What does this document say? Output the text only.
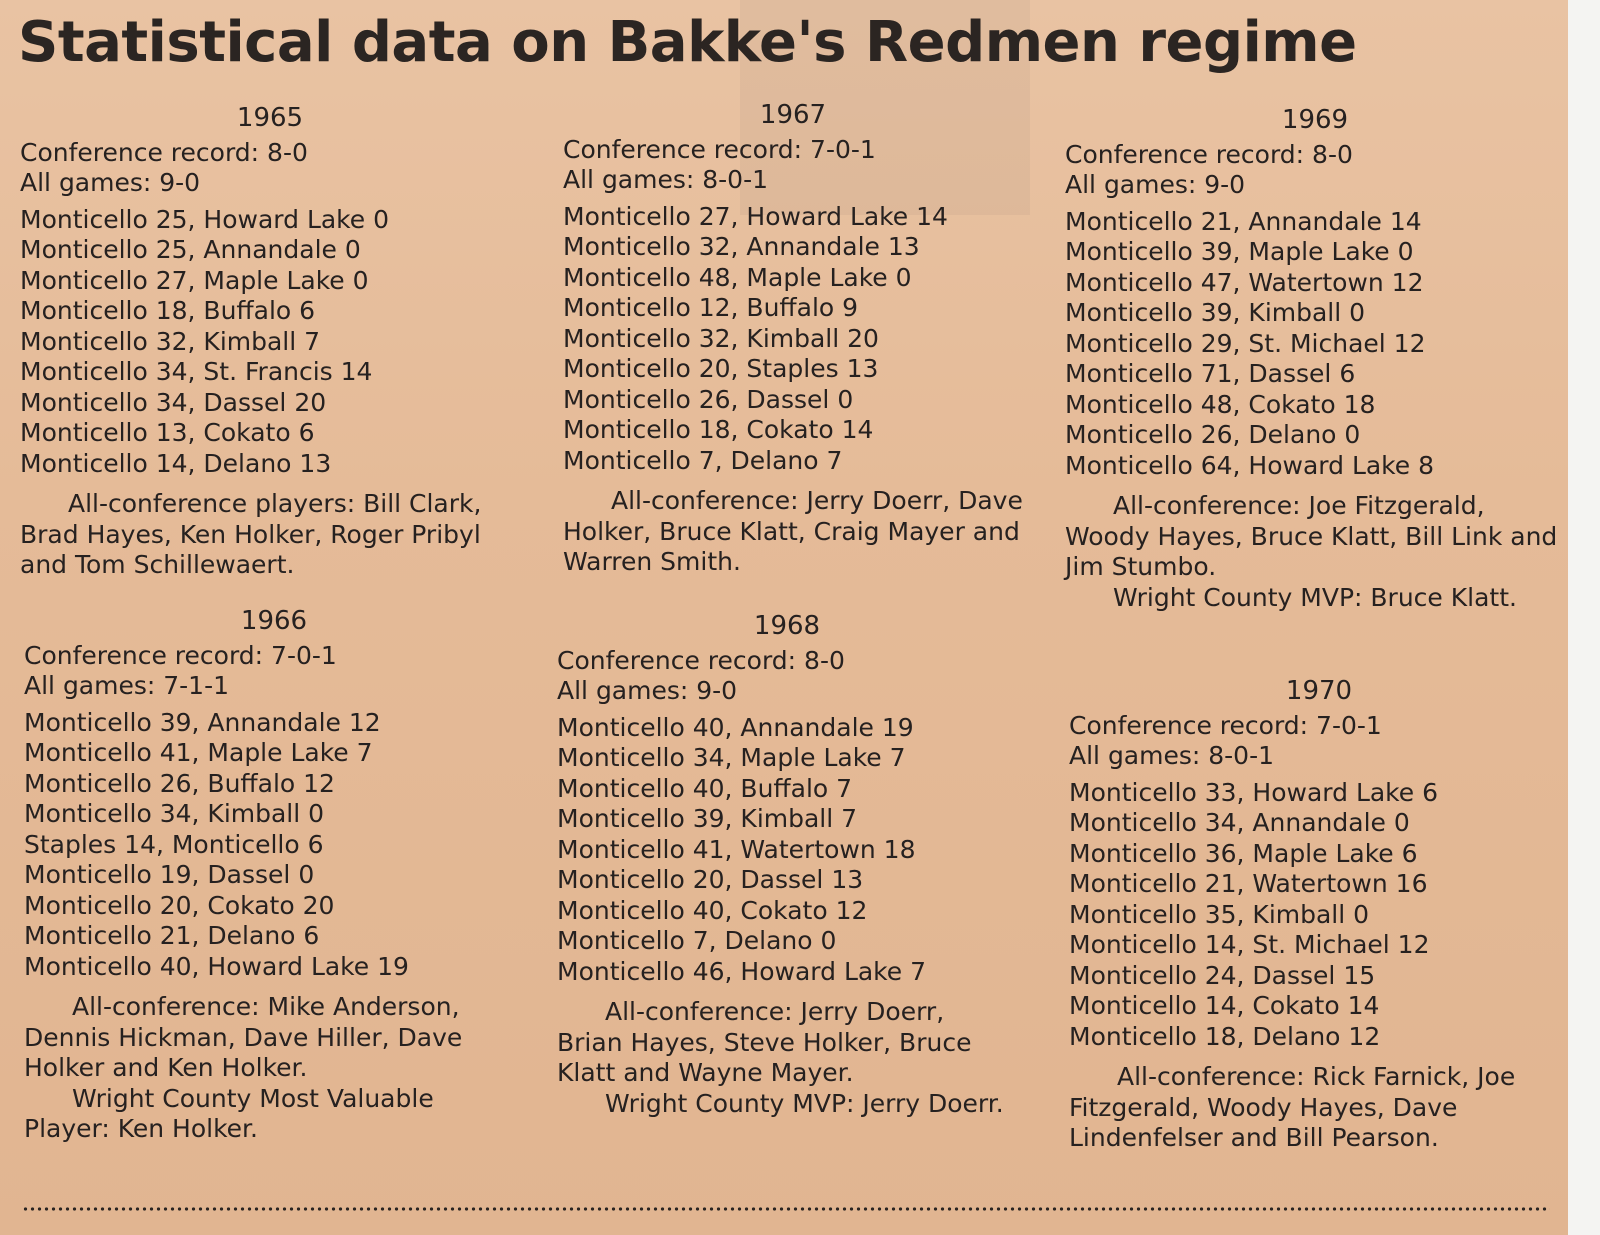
Statistical data on Bakke's Redmen regime
1965
Conference record: 8-0
All games: 9-0
Monticello 25, Howard Lake 0
Monticello 25, Annandale 0
Monticello 27, Maple Lake 0
Monticello 18, Buffalo 6
Monticello 32, Kimball 7
Monticello 34, St. Francis 14
Monticello 34, Dassel 20
Monticello 13, Cokato 6
Monticello 14, Delano 13
All-conference players: Bill Clark, Brad Hayes, Ken Holker, Roger Pribyl and Tom Schillewaert.
1966
Conference record: 7-0-1
All games: 7-1-1
Monticello 39, Annandale 12
Monticello 41, Maple Lake 7
Monticello 26, Buffalo 12
Monticello 34, Kimball 0
Staples 14, Monticello 6
Monticello 19, Dassel 0
Monticello 20, Cokato 20
Monticello 21, Delano 6
Monticello 40, Howard Lake 19
All-conference: Mike Anderson, Dennis Hickman, Dave Hiller, Dave Holker and Ken Holker.
Wright County Most Valuable Player: Ken Holker.
1967
Conference record: 7-0-1
All games: 8-0-1
Monticello 27, Howard Lake 14
Monticello 32, Annandale 13
Monticello 48, Maple Lake 0
Monticello 12, Buffalo 9
Monticello 32, Kimball 20
Monticello 20, Staples 13
Monticello 26, Dassel 0
Monticello 18, Cokato 14
Monticello 7, Delano 7
All-conference: Jerry Doerr, Dave Holker, Bruce Klatt, Craig Mayer and Warren Smith.
1968
Conference record: 8-0
All games: 9-0
Monticello 40, Annandale 19
Monticello 34, Maple Lake 7
Monticello 40, Buffalo 7
Monticello 39, Kimball 7
Monticello 41, Watertown 18
Monticello 20, Dassel 13
Monticello 40, Cokato 12
Monticello 7, Delano 0
Monticello 46, Howard Lake 7
All-conference: Jerry Doerr, Brian Hayes, Steve Holker, Bruce Klatt and Wayne Mayer.
Wright County MVP: Jerry Doerr.
1969
Conference record: 8-0
All games: 9-0
Monticello 21, Annandale 14
Monticello 39, Maple Lake 0
Monticello 47, Watertown 12
Monticello 39, Kimball 0
Monticello 29, St. Michael 12
Monticello 71, Dassel 6
Monticello 48, Cokato 18
Monticello 26, Delano 0
Monticello 64, Howard Lake 8
All-conference: Joe Fitzgerald, Woody Hayes, Bruce Klatt, Bill Link and Jim Stumbo.
Wright County MVP: Bruce Klatt.
1970
Conference record: 7-0-1
All games: 8-0-1
Monticello 33, Howard Lake 6
Monticello 34, Annandale 0
Monticello 36, Maple Lake 6
Monticello 21, Watertown 16
Monticello 35, Kimball 0
Monticello 14, St. Michael 12
Monticello 24, Dassel 15
Monticello 14, Cokato 14
Monticello 18, Delano 12
All-conference: Rick Farnick, Joe Fitzgerald, Woody Hayes, Dave Lindenfelser and Bill Pearson.
